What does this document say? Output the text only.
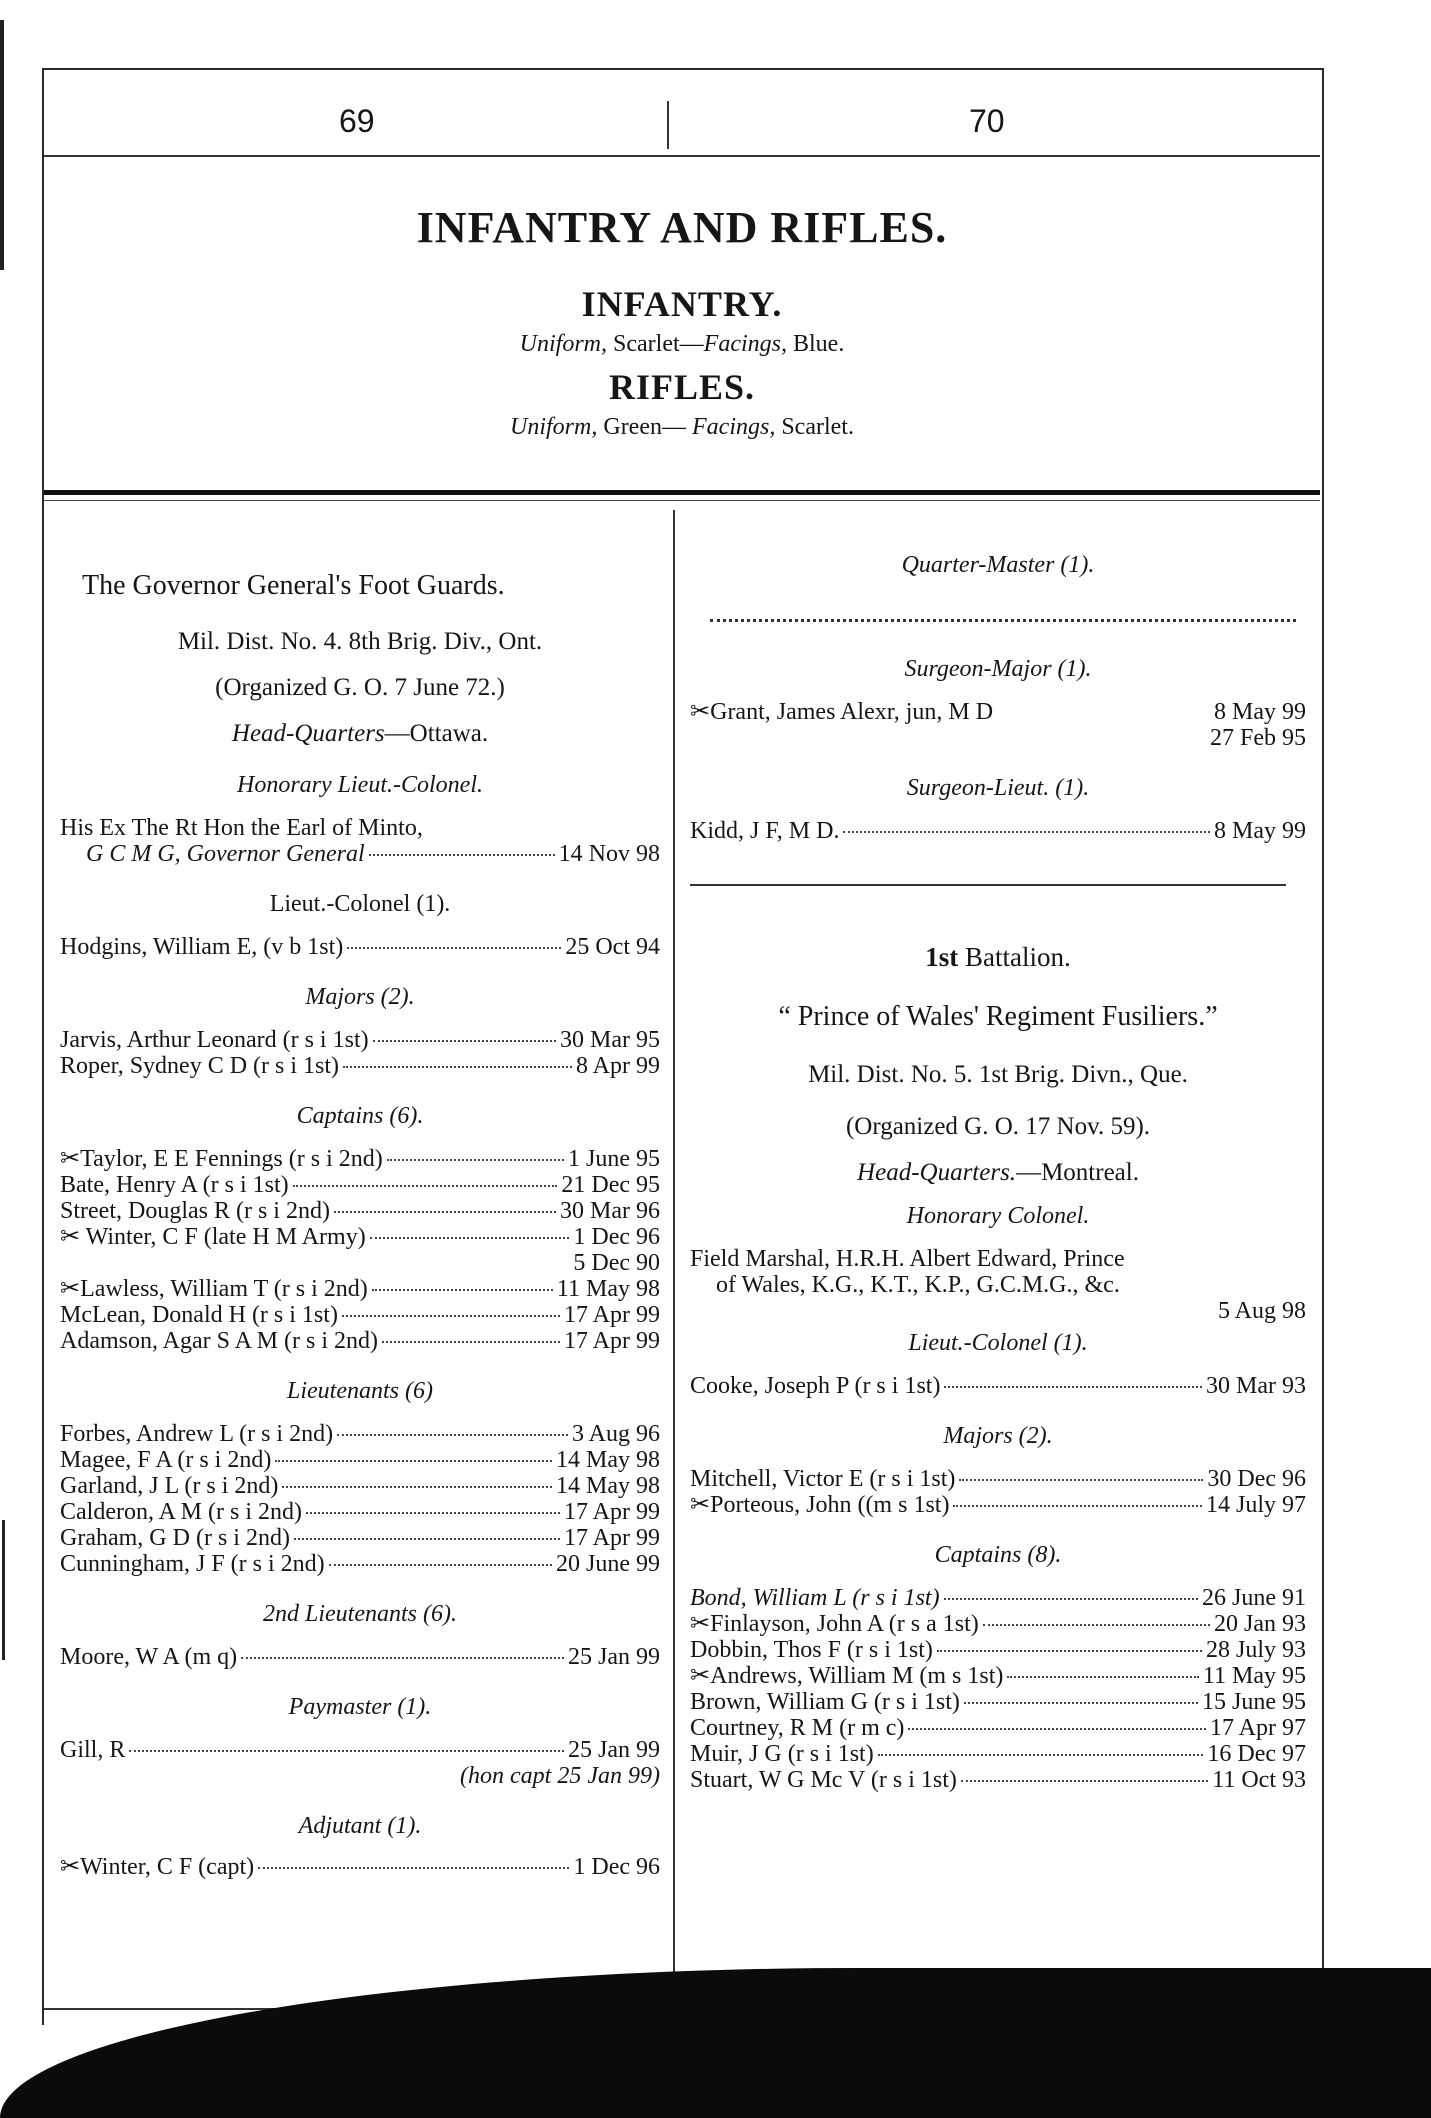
69	70
INFANTRY AND RIFLES.
INFANTRY.
Uniform, Scarlet—Facings, Blue.
RIFLES.
Uniform, Green— Facings, Scarlet.
The Governor General's Foot Guards.
Mil. Dist. No. 4. 8th Brig. Div., Ont.
(Organized G. O. 7 June 72.)
Head-Quarters—Ottawa.
Honorary Lieut.-Colonel.
His Ex The Rt Hon the Earl of Minto,
G C M G, Governor General	14 Nov 98
Lieut.-Colonel (1).
Hodgins, William E, (v b 1st)	25 Oct 94
Majors (2).
Jarvis, Arthur Leonard (r s i 1st)	30 Mar 95
Roper, Sydney C D (r s i 1st)	8 Apr 99
Captains (6).
✂Taylor, E E Fennings (r s i 2nd)	1 June 95
Bate, Henry A (r s i 1st)	21 Dec 95
Street, Douglas R (r s i 2nd)	30 Mar 96
✂ Winter, C F (late H M Army)	1 Dec 96
5 Dec 90
✂Lawless, William T (r s i 2nd)	11 May 98
McLean, Donald H (r s i 1st)	17 Apr 99
Adamson, Agar S A M (r s i 2nd)	17 Apr 99
Lieutenants (6)
Forbes, Andrew L (r s i 2nd)	3 Aug 96
Magee, F A (r s i 2nd)	14 May 98
Garland, J L (r s i 2nd)	14 May 98
Calderon, A M (r s i 2nd)	17 Apr 99
Graham, G D (r s i 2nd)	17 Apr 99
Cunningham, J F (r s i 2nd)	20 June 99
2nd Lieutenants (6).
Moore, W A (m q)	25 Jan 99
Paymaster (1).
Gill, R	25 Jan 99
(hon capt 25 Jan 99)
Adjutant (1).
✂Winter, C F (capt)	1 Dec 96
Quarter-Master (1).
Surgeon-Major (1).
✂Grant, James Alexr, jun, M D	8 May 99
27 Feb 95
Surgeon-Lieut. (1).
Kidd, J F, M D.	8 May 99
1st Battalion.
“ Prince of Wales' Regiment Fusiliers.”
Mil. Dist. No. 5. 1st Brig. Divn., Que.
(Organized G. O. 17 Nov. 59).
Head-Quarters.—Montreal.
Honorary Colonel.
Field Marshal, H.R.H. Albert Edward, Prince
of Wales, K.G., K.T., K.P., G.C.M.G., &c.
5 Aug 98
Lieut.-Colonel (1).
Cooke, Joseph P (r s i 1st)	30 Mar 93
Majors (2).
Mitchell, Victor E (r s i 1st)	30 Dec 96
✂Porteous, John ((m s 1st)	14 July 97
Captains (8).
Bond, William L (r s i 1st)	26 June 91
✂Finlayson, John A (r s a 1st)	20 Jan 93
Dobbin, Thos F (r s i 1st)	28 July 93
✂Andrews, William M (m s 1st)	11 May 95
Brown, William G (r s i 1st)	15 June 95
Courtney, R M (r m c)	17 Apr 97
Muir, J G (r s i 1st)	16 Dec 97
Stuart, W G Mc V (r s i 1st)	11 Oct 93
